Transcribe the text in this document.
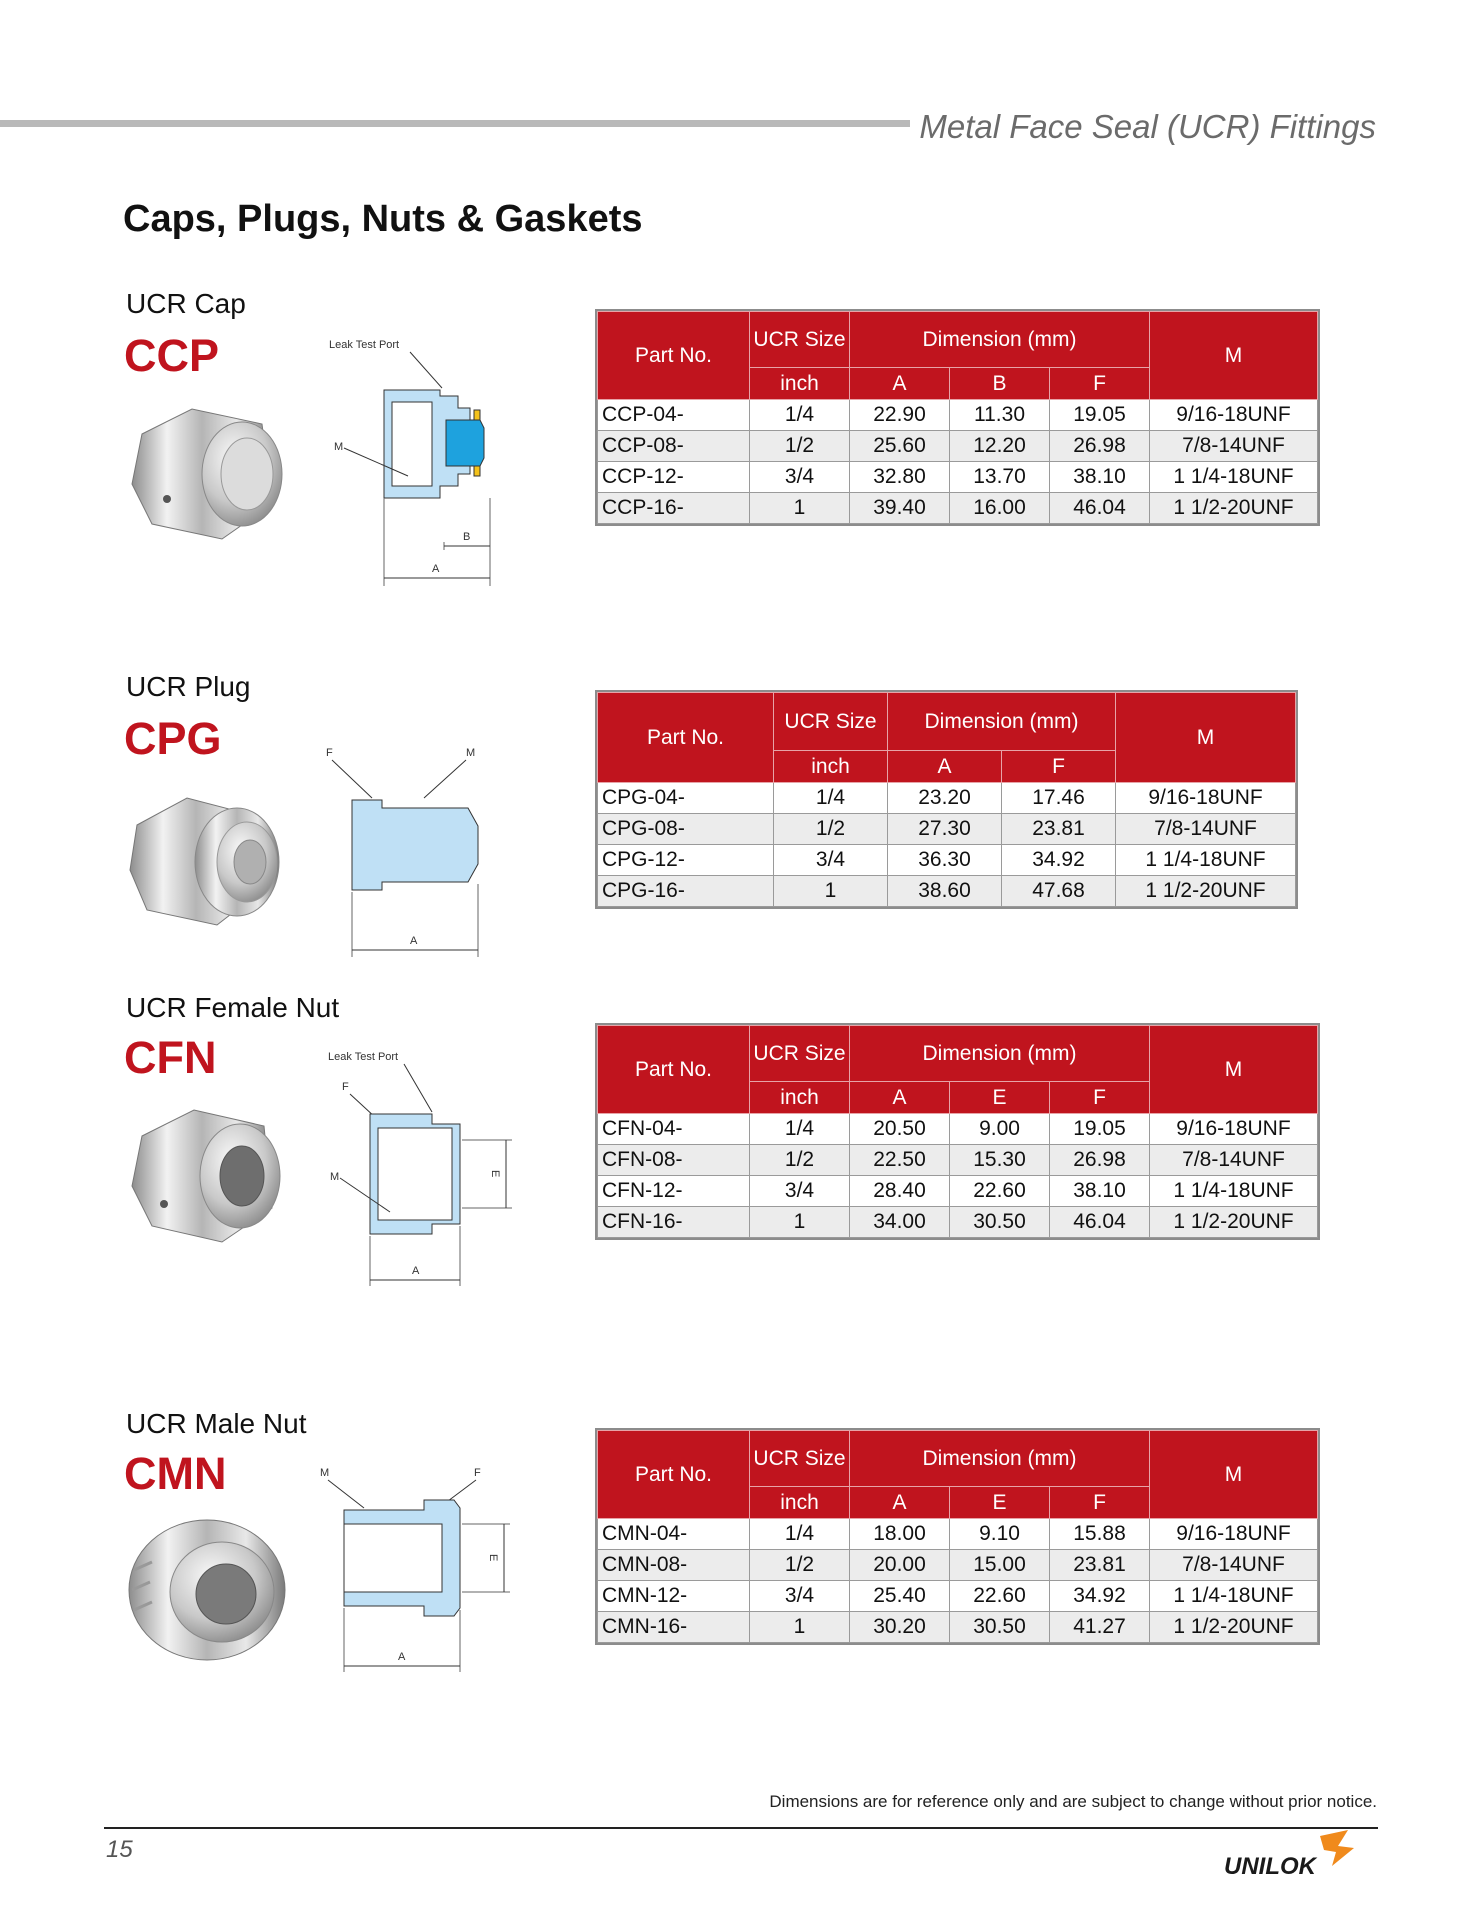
Metal Face Seal (UCR) Fittings
Caps, Plugs, Nuts & Gaskets
UCR Cap
CCP	Leak Test Port
M
B
A
Part No.	UCR Size	Dimension (mm)			M
	inch	A	B	F	
CCP-04-	1/4	22.90	11.30	19.05	9/16-18UNF
CCP-08-	1/2	25.60	12.20	26.98	7/8-14UNF
CCP-12-	3/4	32.80	13.70	38.10	1 1/4-18UNF
CCP-16-	1	39.40	16.00	46.04	1 1/2-20UNF
UCR Plug
CPG	F	M
A
Part No.	UCR Size	Dimension (mm)		M
	inch	A	F	
CPG-04-	1/4	23.20	17.46	9/16-18UNF
CPG-08-	1/2	27.30	23.81	7/8-14UNF
CPG-12-	3/4	36.30	34.92	1 1/4-18UNF
CPG-16-	1	38.60	47.68	1 1/2-20UNF
UCR Female Nut
CFN	Leak Test Port
F
M	E
A
Part No.	UCR Size	Dimension (mm)			M
	inch	A	E	F	
CFN-04-	1/4	20.50	9.00	19.05	9/16-18UNF
CFN-08-	1/2	22.50	15.30	26.98	7/8-14UNF
CFN-12-	3/4	28.40	22.60	38.10	1 1/4-18UNF
CFN-16-	1	34.00	30.50	46.04	1 1/2-20UNF
UCR Male Nut
CMN	M	F
E
A
Part No.	UCR Size	Dimension (mm)			M
	inch	A	E	F	
CMN-04-	1/4	18.00	9.10	15.88	9/16-18UNF
CMN-08-	1/2	20.00	15.00	23.81	7/8-14UNF
CMN-12-	3/4	25.40	22.60	34.92	1 1/4-18UNF
CMN-16-	1	30.20	30.50	41.27	1 1/2-20UNF
Dimensions are for reference only and are subject to change without prior notice.
15
UNILOK
